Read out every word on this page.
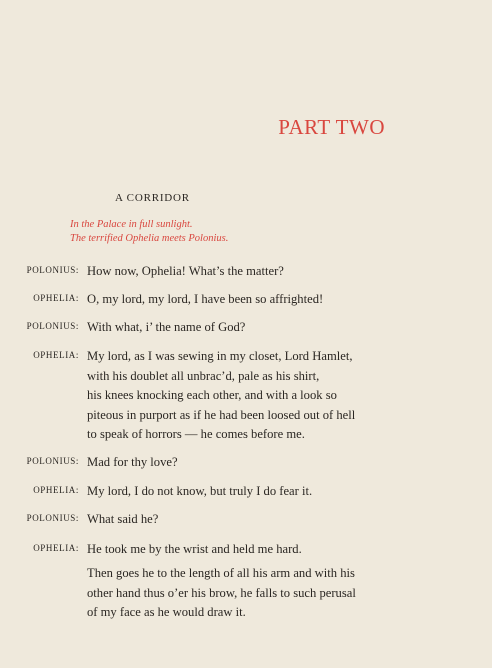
PART TWO
A CORRIDOR
In the Palace in full sunlight.
The terrified Ophelia meets Polonius.
POLONIUS: How now, Ophelia! What’s the matter?
OPHELIA: O, my lord, my lord, I have been so affrighted!
POLONIUS: With what, i’ the name of God?
OPHELIA: My lord, as I was sewing in my closet, Lord Hamlet,
with his doublet all unbrac’d, pale as his shirt,
his knees knocking each other, and with a look so
piteous in purport as if he had been loosed out of hell
to speak of horrors — he comes before me.
POLONIUS: Mad for thy love?
OPHELIA: My lord, I do not know, but truly I do fear it.
POLONIUS: What said he?
OPHELIA: He took me by the wrist and held me hard.
Then goes he to the length of all his arm and with his
other hand thus o’er his brow, he falls to such perusal
of my face as he would draw it.
